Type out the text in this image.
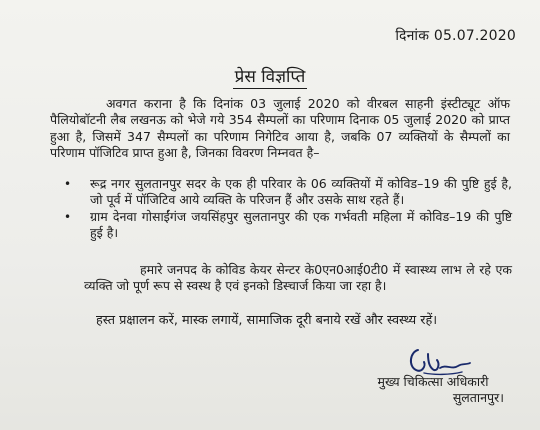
दिनांक 05.07.2020
प्रेस विज्ञप्ति

अवगत कराना है कि दिनांक 03 जुलाई 2020 को वीरबल साहनी इंस्टीट्यूट ऑफ पैलियोबॉटनी लैब लखनऊ को भेजे गये 354 सैम्पलों का परिणाम दिनाक 05 जुलाई 2020 को प्राप्त हुआ है, जिसमें 347 सैम्पलों का परिणाम निगेटिव आया है, जबकि 07 व्यक्तियों के सैम्पलों का परिणाम पॉजिटिव प्राप्त हुआ है, जिनका विवरण निम्नवत है–

• रूद्र नगर सुलतानपुर सदर के एक ही परिवार के 06 व्यक्तियों में कोविड–19 की पुष्टि हुई है, जो पूर्व में पॉजिटिव आये व्यक्ति के परिजन हैं और उसके साथ रहते हैं।
• ग्राम देनवा गोसाईंगंज जयसिंहपुर सुलतानपुर की एक गर्भवती महिला में कोविड–19 की पुष्टि हुई है।

हमारे जनपद के कोविड केयर सेन्टर के0एन0आई0टी0 में स्वास्थ्य लाभ ले रहे एक व्यक्ति जो पूर्ण रूप से स्वस्थ है एवं इनको डिस्चार्ज किया जा रहा है।

हस्त प्रक्षालन करें, मास्क लगायें, सामाजिक दूरी बनाये रखें और स्वस्थ्य रहें।

मुख्य चिकित्सा अधिकारी
सुलतानपुर।
